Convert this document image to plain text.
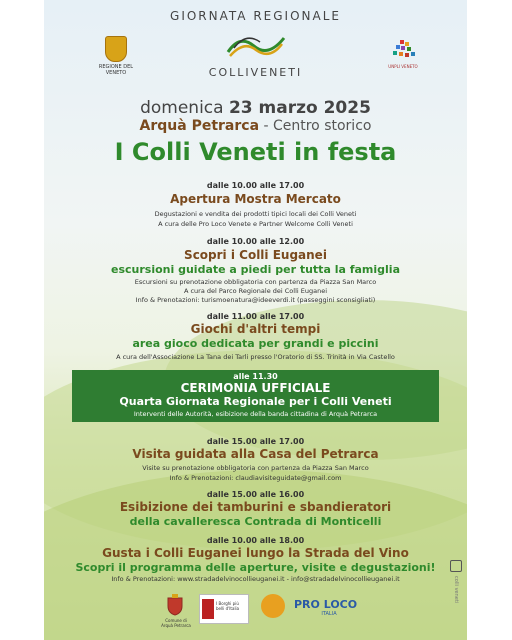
GIORNATA REGIONALE
REGIONE DEL VENETO	COLLIVENETI	UNPLI VENETO
domenica 23 marzo 2025
Arquà Petrarca - Centro storico
I Colli Veneti in festa
dalle 10.00 alle 17.00
Apertura Mostra Mercato
Degustazioni e vendita dei prodotti tipici locali dei Colli Veneti
A cura delle Pro Loco Venete e Partner Welcome Colli Veneti
dalle 10.00 alle 12.00
Scopri i Colli Euganei
escursioni guidate a piedi per tutta la famiglia
Escursioni su prenotazione obbligatoria con partenza da Piazza San Marco
A cura del Parco Regionale dei Colli Euganei
Info & Prenotazioni: turismoenatura@ideeverdi.it (passeggini sconsigliati)
dalle 11.00 alle 17.00
Giochi d'altri tempi
area gioco dedicata per grandi e piccini
A cura dell'Associazione La Tana dei Tarli presso l'Oratorio di SS. Trinità in Via Castello
alle 11.30
CERIMONIA UFFICIALE
Quarta Giornata Regionale per i Colli Veneti
Interventi delle Autorità, esibizione della banda cittadina di Arquà Petrarca
dalle 15.00 alle 17.00
Visita guidata alla Casa del Petrarca
Visite su prenotazione obbligatoria con partenza da Piazza San Marco
Info & Prenotazioni: claudiavisiteguidate@gmail.com
dalle 15.00 alle 16.00
Esibizione dei tamburini e sbandieratori
della cavalleresca Contrada di Monticelli
dalle 10.00 alle 18.00
Gusta i Colli Euganei lungo la Strada del Vino
Scopri il programma delle aperture, visite e degustazioni!
Info & Prenotazioni: www.stradadelvinocollieuganei.it - info@stradadelvinocollieuganei.it
Comune di Arquà Petrarca
I Borghi più belli d'Italia	PRO LOCO
ITALIA
colli veneti
